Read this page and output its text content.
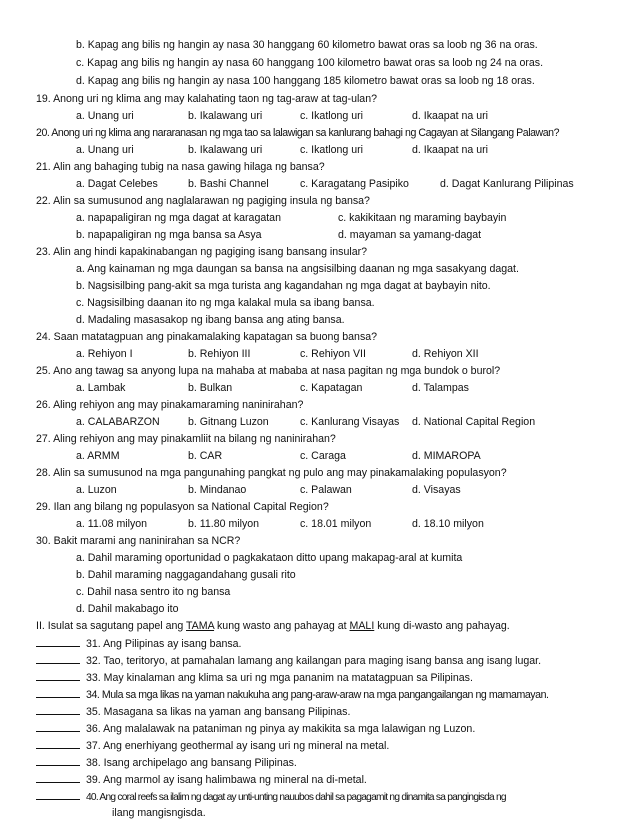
b. Kapag ang bilis ng hangin ay nasa 30 hanggang 60 kilometro bawat oras sa loob ng 36 na oras.
c. Kapag ang bilis ng hangin ay nasa 60 hanggang 100 kilometro bawat oras sa loob ng 24 na oras.
d. Kapag ang bilis ng hangin ay nasa 100 hanggang 185 kilometro bawat oras sa loob ng 18 oras.
19. Anong uri ng klima ang may kalahating taon ng tag-araw at tag-ulan?
a. Unang uri	b. Ikalawang uri	c. Ikatlong uri	d. Ikaapat na uri
20. Anong uri ng klima ang nararanasan ng mga tao sa lalawigan sa kanlurang bahagi ng Cagayan at Silangang Palawan?
a. Unang uri	b. Ikalawang uri	c. Ikatlong uri	d. Ikaapat na uri
21. Alin ang bahaging tubig na nasa gawing hilaga ng bansa?
a. Dagat Celebes	b. Bashi Channel	c. Karagatang Pasipiko	d. Dagat Kanlurang Pilipinas
22. Alin sa sumusunod ang naglalarawan ng pagiging insula ng bansa?
a. napapaligiran ng mga dagat at karagatan	c. kakikitaan ng maraming baybayin
b. napapaligiran ng mga bansa sa Asya	d. mayaman sa yamang-dagat
23. Alin ang hindi kapakinabangan ng pagiging isang bansang insular?
a. Ang kainaman ng mga daungan sa bansa na angsisilbing daanan ng mga sasakyang dagat.
b. Nagsisilbing pang-akit sa mga turista ang kagandahan ng mga dagat at baybayin nito.
c. Nagsisilbing daanan ito ng mga kalakal mula sa ibang bansa.
d. Madaling masasakop ng ibang bansa ang ating bansa.
24. Saan matatagpuan ang pinakamalaking kapatagan sa buong bansa?
a. Rehiyon I	b. Rehiyon III	c. Rehiyon VII	d. Rehiyon XII
25. Ano ang tawag sa anyong lupa na mahaba at mababa at nasa pagitan ng mga bundok o burol?
a. Lambak	b. Bulkan	c. Kapatagan	d. Talampas
26. Aling rehiyon ang may pinakamaraming naninirahan?
a. CALABARZON	b. Gitnang Luzon	c. Kanlurang Visayas d. National Capital Region
27. Aling rehiyon ang may pinakamliit na bilang ng naninirahan?
a. ARMM	b. CAR	c. Caraga	d. MIMAROPA
28. Alin sa sumusunod na mga pangunahing pangkat ng pulo ang may pinakamalaking populasyon?
a. Luzon	b. Mindanao	c. Palawan	d. Visayas
29. Ilan ang bilang ng populasyon sa National Capital Region?
a. 11.08 milyon	b. 11.80 milyon	c. 18.01 milyon	d. 18.10 milyon
30. Bakit marami ang naninirahan sa NCR?
a. Dahil maraming oportunidad o pagkakataon ditto upang makapag-aral at kumita
b. Dahil maraming naggagandahang gusali rito
c. Dahil nasa sentro ito ng bansa
d. Dahil makabago ito
II. Isulat sa sagutang papel ang TAMA kung wasto ang pahayag at MALI kung di-wasto ang pahayag.
31. Ang Pilipinas ay isang bansa.
32. Tao, teritoryo, at pamahalan lamang ang kailangan para maging isang bansa ang isang lugar.
33. May kinalaman ang klima sa uri ng mga pananim na matatagpuan sa Pilipinas.
34. Mula sa mga likas na yaman nakukuha ang pang-araw-araw na mga pangangailangan ng mamamayan.
35. Masagana sa likas na yaman ang bansang Pilipinas.
36. Ang malalawak na pataniman ng pinya ay makikita sa mga lalawigan ng Luzon.
37. Ang enerhiyang geothermal ay isang uri ng mineral na metal.
38. Isang archipelago ang bansang Pilipinas.
39. Ang marmol ay isang halimbawa ng mineral na di-metal.
40. Ang coral reefs sa ilalim ng dagat ay unti-unting nauubos dahil sa pagagamit ng dinamita sa pangingisda ng
ilang mangisngisda.
